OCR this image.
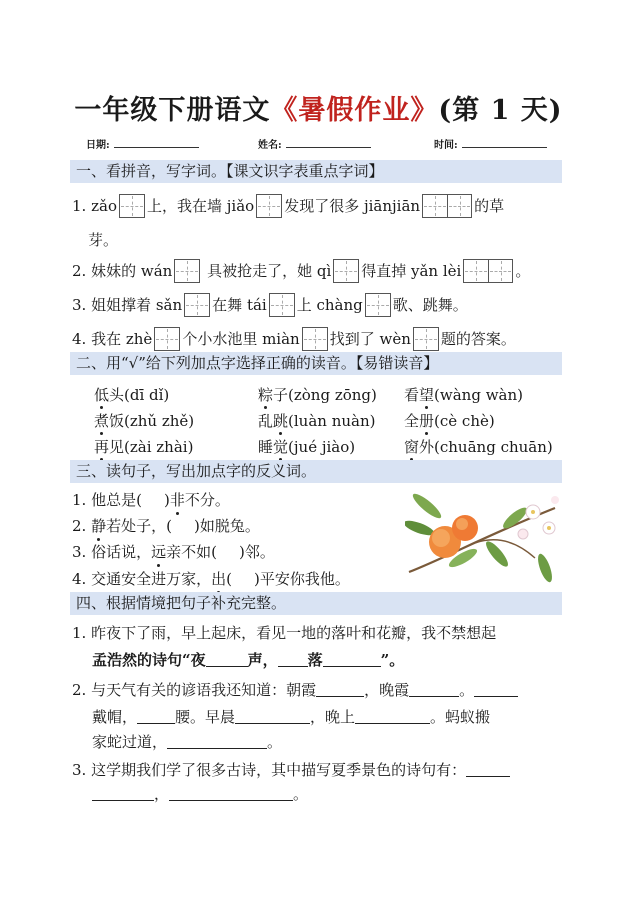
一年级下册语文《暑假作业》(第 1 天)
日期:	姓名:	时间:
一、看拼音，写字词。【课文识字表重点字词】
1. zǎo 上，我在墙 jiǎo 发现了很多 jiānjiān	的草
芽。
2. 妹妹的 wán
具被抢走了，她 qì 得直掉 yǎn lèi	。
3. 姐姐撑着 sǎn 在舞 tái 上 chàng 歌、跳舞。
4. 我在 zhè 个小水池里 miàn 找到了 wèn 题的答案。
二、用“√”给下列加点字选择正确的读音。【易错读音】
低头(dī dǐ)	粽子(zòng zōng) 看望(wàng wàn)
煮饭(zhǔ zhě)	乱跳(luàn nuàn) 全册(cè chè)
再见(zài zhài)	睡觉(jué jiào)	窗外(chuāng chuān)
三、读句子，写出加点字的反义词。
1. 他总是( )非不分。
2. 静若处子，( )如脱兔。
3. 俗话说，远亲不如( )邻。
4. 交通安全进万家，出( )平安你我他。
四、根据情境把句子补充完整。
1. 昨夜下了雨，早上起床，看见一地的落叶和花瓣，我不禁想起
孟浩然的诗句“夜	声， 落	”。
2. 与天气有关的谚语我还知道：朝霞	，晚霞	。
戴帽，	腰。早晨	，晚上	。蚂蚁搬
家蛇过道，	。
3. 这学期我们学了很多古诗，其中描写夏季景色的诗句有：
，	。
